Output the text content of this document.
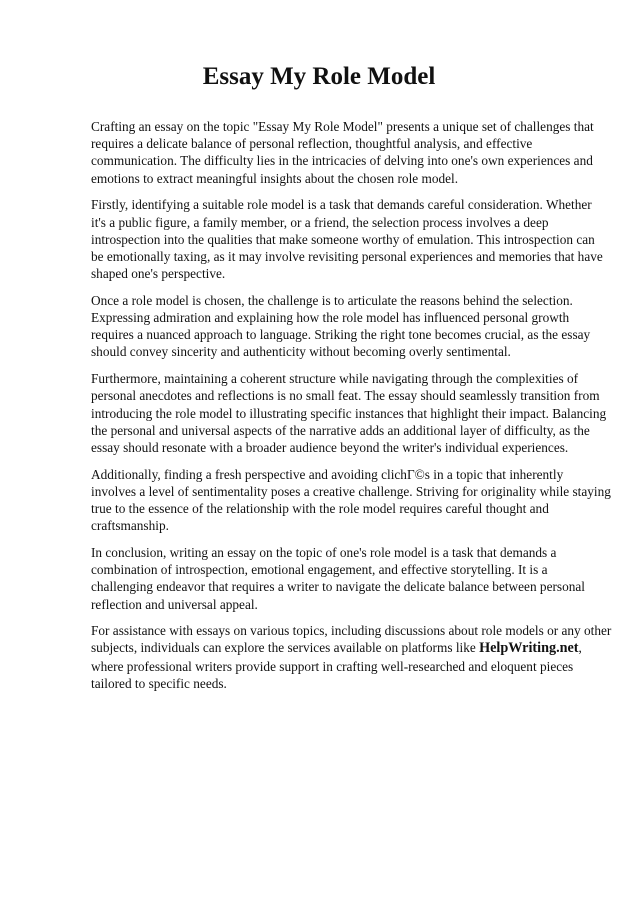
Essay My Role Model

Crafting an essay on the topic "Essay My Role Model" presents a unique set of challenges that
requires a delicate balance of personal reflection, thoughtful analysis, and effective
communication. The difficulty lies in the intricacies of delving into one's own experiences and
emotions to extract meaningful insights about the chosen role model.

Firstly, identifying a suitable role model is a task that demands careful consideration. Whether
it's a public figure, a family member, or a friend, the selection process involves a deep
introspection into the qualities that make someone worthy of emulation. This introspection can
be emotionally taxing, as it may involve revisiting personal experiences and memories that have
shaped one's perspective.

Once a role model is chosen, the challenge is to articulate the reasons behind the selection.
Expressing admiration and explaining how the role model has influenced personal growth
requires a nuanced approach to language. Striking the right tone becomes crucial, as the essay
should convey sincerity and authenticity without becoming overly sentimental.

Furthermore, maintaining a coherent structure while navigating through the complexities of
personal anecdotes and reflections is no small feat. The essay should seamlessly transition from
introducing the role model to illustrating specific instances that highlight their impact. Balancing
the personal and universal aspects of the narrative adds an additional layer of difficulty, as the
essay should resonate with a broader audience beyond the writer's individual experiences.

Additionally, finding a fresh perspective and avoiding clichГ©s in a topic that inherently
involves a level of sentimentality poses a creative challenge. Striving for originality while staying
true to the essence of the relationship with the role model requires careful thought and
craftsmanship.

In conclusion, writing an essay on the topic of one's role model is a task that demands a
combination of introspection, emotional engagement, and effective storytelling. It is a
challenging endeavor that requires a writer to navigate the delicate balance between personal
reflection and universal appeal.

For assistance with essays on various topics, including discussions about role models or any other
subjects, individuals can explore the services available on platforms like HelpWriting.net,
where professional writers provide support in crafting well-researched and eloquent pieces
tailored to specific needs.
